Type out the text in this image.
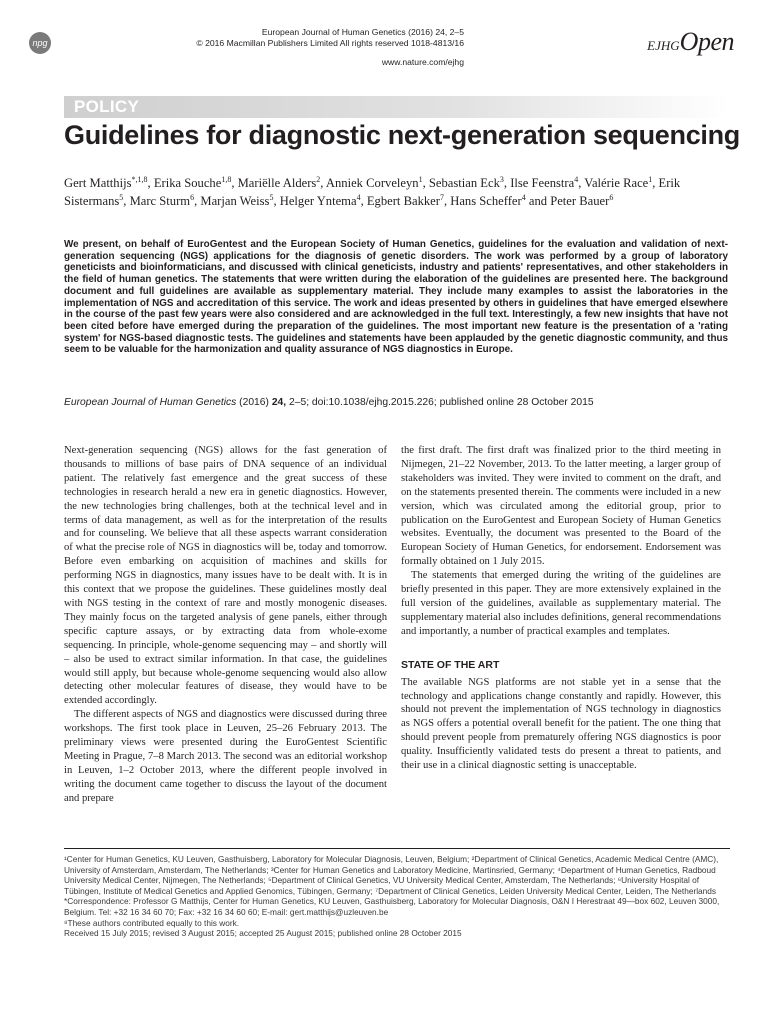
npg
European Journal of Human Genetics (2016) 24, 2–5
© 2016 Macmillan Publishers Limited All rights reserved 1018-4813/16
www.nature.com/ejhg
EJHGOpen
POLICY
Guidelines for diagnostic next-generation sequencing
Gert Matthijs$^{*,1,8}$, Erika Souche$^{1,8}$, Mariëlle Alders$^2$, Anniek Corveleyn$^1$, Sebastian Eck$^3$, Ilse Feenstra$^4$, Valérie Race$^1$, Erik Sistermans$^5$, Marc Sturm$^6$, Marjan Weiss$^5$, Helger Yntema$^4$, Egbert Bakker$^7$, Hans Scheffer$^4$ and Peter Bauer$^6$
We present, on behalf of EuroGentest and the European Society of Human Genetics, guidelines for the evaluation and validation of next-generation sequencing (NGS) applications for the diagnosis of genetic disorders. The work was performed by a group of laboratory geneticists and bioinformaticians, and discussed with clinical geneticists, industry and patients' representatives, and other stakeholders in the field of human genetics. The statements that were written during the elaboration of the guidelines are presented here. The background document and full guidelines are available as supplementary material. They include many examples to assist the laboratories in the implementation of NGS and accreditation of this service. The work and ideas presented by others in guidelines that have emerged elsewhere in the course of the past few years were also considered and are acknowledged in the full text. Interestingly, a few new insights that have not been cited before have emerged during the preparation of the guidelines. The most important new feature is the presentation of a 'rating system' for NGS-based diagnostic tests. The guidelines and statements have been applauded by the genetic diagnostic community, and thus seem to be valuable for the harmonization and quality assurance of NGS diagnostics in Europe.
European Journal of Human Genetics (2016) 24, 2–5; doi:10.1038/ejhg.2015.226; published online 28 October 2015

Next-generation sequencing (NGS) allows for the fast generation of thousands to millions of base pairs of DNA sequence of an individual patient. The relatively fast emergence and the great success of these technologies in research herald a new era in genetic diagnostics. However, the new technologies bring challenges, both at the technical level and in terms of data management, as well as for the interpretation of the results and for counseling. We believe that all these aspects warrant consideration of what the precise role of NGS in diagnostics will be, today and tomorrow. Before even embarking on acquisition of machines and skills for performing NGS in diagnostics, many issues have to be dealt with. It is in this context that we propose the guidelines. These guidelines mostly deal with NGS testing in the context of rare and mostly monogenic diseases. They mainly focus on the targeted analysis of gene panels, either through specific capture assays, or by extracting data from whole-exome sequencing. In principle, whole-genome sequencing may – and shortly will – also be used to extract similar information. In that case, the guidelines would still apply, but because whole-genome sequencing would also allow detecting other molecular features of disease, they would have to be extended accordingly.

The different aspects of NGS and diagnostics were discussed during three workshops. The first took place in Leuven, 25–26 February 2013. The preliminary views were presented during the EuroGentest Scientific Meeting in Prague, 7–8 March 2013. The second was an editorial workshop in Leuven, 1–2 October 2013, where the different people involved in writing the document came together to discuss the layout of the document and prepare

the first draft. The first draft was finalized prior to the third meeting in Nijmegen, 21–22 November, 2013. To the latter meeting, a larger group of stakeholders was invited. They were invited to comment on the draft, and on the statements presented therein. The comments were included in a new version, which was circulated among the editorial group, prior to publication on the EuroGentest and European Society of Human Genetics websites. Eventually, the document was presented to the Board of the European Society of Human Genetics, for endorsement. Endorsement was formally obtained on 1 July 2015.

The statements that emerged during the writing of the guidelines are briefly presented in this paper. They are more extensively explained in the full version of the guidelines, available as supplementary material. The supplementary material also includes definitions, general recommendations and importantly, a number of practical examples and templates.

STATE OF THE ART

The available NGS platforms are not stable yet in a sense that the technology and applications change constantly and rapidly. However, this should not prevent the implementation of NGS technology in diagnostics as NGS offers a potential overall benefit for the patient. The one thing that should prevent people from prematurely offering NGS diagnostics is poor quality. Insufficiently validated tests do present a threat to patients, and their use in a clinical diagnostic setting is unacceptable.

¹Center for Human Genetics, KU Leuven, Gasthuisberg, Laboratory for Molecular Diagnosis, Leuven, Belgium; ²Department of Clinical Genetics, Academic Medical Centre (AMC), University of Amsterdam, Amsterdam, The Netherlands; ³Center for Human Genetics and Laboratory Medicine, Martinsried, Germany; ⁴Department of Human Genetics, Radboud University Medical Center, Nijmegen, The Netherlands; ⁵Department of Clinical Genetics, VU University Medical Center, Amsterdam, The Netherlands; ⁶University Hospital of Tübingen, Institute of Medical Genetics and Applied Genomics, Tübingen, Germany; ⁷Department of Clinical Genetics, Leiden University Medical Center, Leiden, The Netherlands
*Correspondence: Professor G Matthijs, Center for Human Genetics, KU Leuven, Gasthuisberg, Laboratory for Molecular Diagnosis, O&N I Herestraat 49—box 602, Leuven 3000, Belgium. Tel: +32 16 34 60 70; Fax: +32 16 34 60 60; E-mail: gert.matthijs@uzleuven.be
⁸These authors contributed equally to this work.
Received 15 July 2015; revised 3 August 2015; accepted 25 August 2015; published online 28 October 2015
